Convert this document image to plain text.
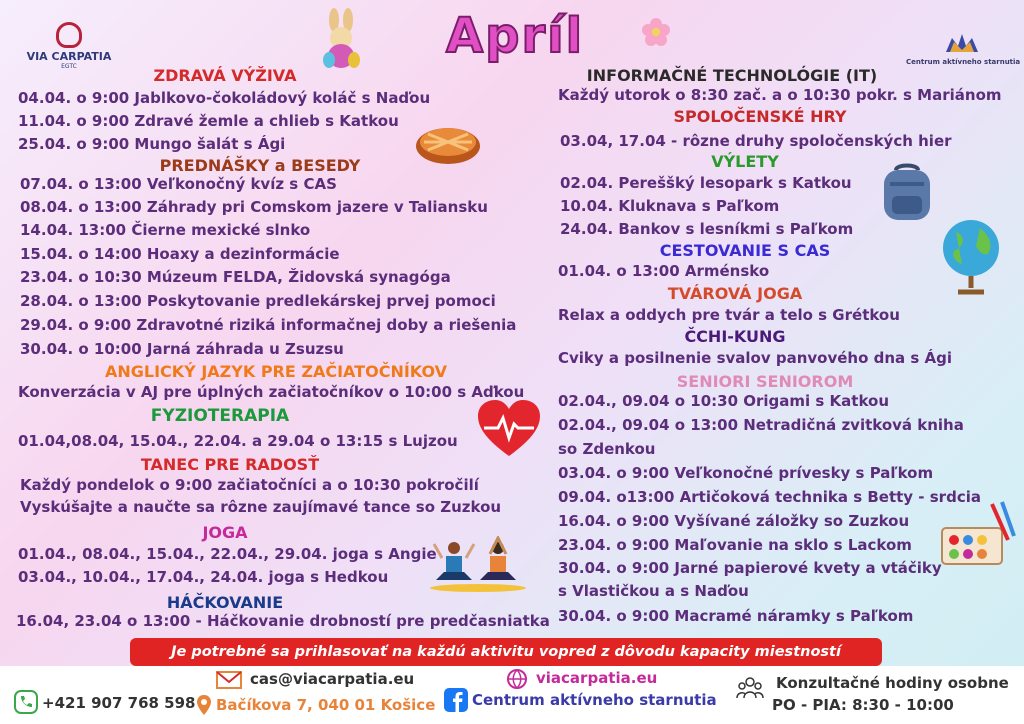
VIA CARPATIA
EGTC
Centrum aktívneho starnutia
Apríl
ZDRAVÁ VÝŽIVA
04.04. o 9:00 Jablkovo-čokoládový koláč s Naďou
11.04. o 9:00 Zdravé žemle a chlieb s Katkou
25.04. o 9:00 Mungo šalát s Ági
PREDNÁŠKY a BESEDY
07.04. o 13:00 Veľkonočný kvíz s CAS
08.04. o 13:00 Záhrady pri Comskom jazere v Taliansku
14.04. 13:00 Čierne mexické slnko
15.04. o 14:00 Hoaxy a dezinformácie
23.04. o 10:30 Múzeum FELDA, Židovská synagóga
28.04. o 13:00 Poskytovanie predlekárskej prvej pomoci
29.04. o 9:00 Zdravotné riziká informačnej doby a riešenia
30.04. o 10:00 Jarná záhrada u Zsuzsu
ANGLICKÝ JAZYK PRE ZAČIATOČNÍKOV
Konverzácia v AJ pre úplných začiatočníkov o 10:00 s Aďkou
FYZIOTERAPIA
01.04,08.04, 15.04., 22.04. a 29.04 o 13:15 s Lujzou
TANEC PRE RADOSŤ
Každý pondelok o 9:00 začiatočníci a o 10:30 pokročilí
Vyskúšajte a naučte sa rôzne zaujímavé tance so Zuzkou
JOGA
01.04., 08.04., 15.04., 22.04., 29.04. joga s Angie
03.04., 10.04., 17.04., 24.04. joga s Hedkou
HÁČKOVANIE
16.04, 23.04 o 13:00 - Háčkovanie drobností pre predčasniatka
INFORMAČNÉ TECHNOLÓGIE (IT)
Každý utorok o 8:30 zač. a o 10:30 pokr. s Mariánom
SPOLOČENSKÉ HRY
03.04, 17.04 - rôzne druhy spoločenských hier
VÝLETY
02.04. Pereššký lesopark s Katkou
10.04. Kluknava s Paľkom
24.04. Bankov s lesníkmi s Paľkom
CESTOVANIE S CAS
01.04. o 13:00 Arménsko
TVÁROVÁ JOGA
Relax a oddych pre tvár a telo s Grétkou
ČCHI-KUNG
Cviky a posilnenie svalov panvového dna s Ági
SENIORI SENIOROM
02.04., 09.04 o 10:30 Origami s Katkou
02.04., 09.04 o 13:00 Netradičná zvitková kniha
so Zdenkou
03.04. o 9:00 Veľkonočné prívesky s Paľkom
09.04. o13:00 Artičoková technika s Betty - srdcia
16.04. o 9:00 Vyšívané záložky so Zuzkou
23.04. o 9:00 Maľovanie na sklo s Lackom
30.04. o 9:00 Jarné papierové kvety a vtáčiky
s Vlastičkou a s Naďou
30.04. o 9:00 Macramé náramky s Paľkom
Je potrebné sa prihlasovať na každú aktivitu vopred z dôvodu kapacity miestností
+421 907 768 598
cas@viacarpatia.eu
Bačíkova 7, 040 01 Košice
viacarpatia.eu
Centrum aktívneho starnutia
Konzultačné hodiny osobne
PO - PIA: 8:30 - 10:00
